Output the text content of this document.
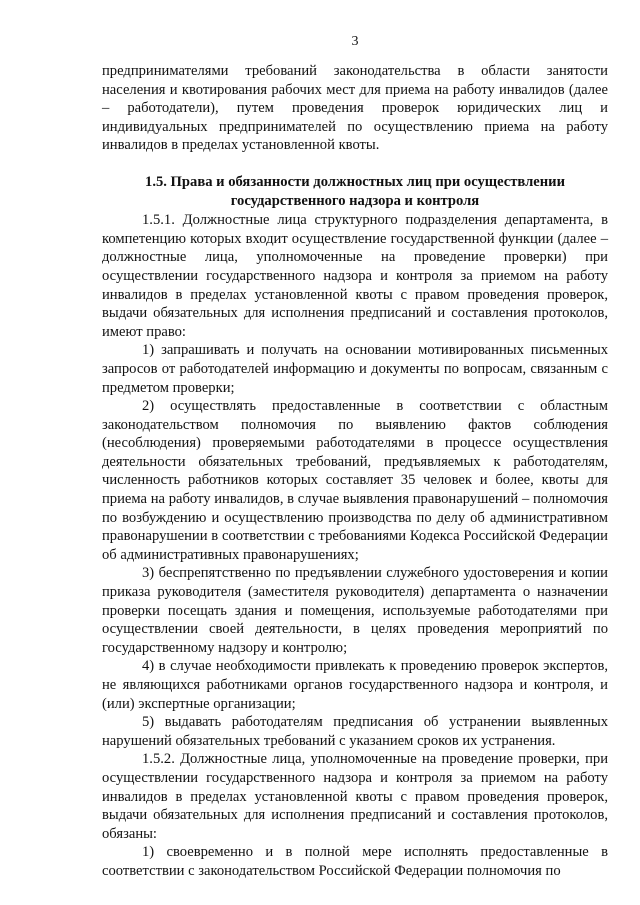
3

предпринимателями требований законодательства в области занятости населения и квотирования рабочих мест для приема на работу инвалидов (далее – работодатели), путем проведения проверок юридических лиц и индивидуальных предпринимателей по осуществлению приема на работу инвалидов в пределах установленной квоты.

1.5. Права и обязанности должностных лиц при осуществлении государственного надзора и контроля

1.5.1. Должностные лица структурного подразделения департамента, в компетенцию которых входит осуществление государственной функции (далее – должностные лица, уполномоченные на проведение проверки) при осуществлении государственного надзора и контроля за приемом на работу инвалидов в пределах установленной квоты с правом проведения проверок, выдачи обязательных для исполнения предписаний и составления протоколов, имеют право:

1) запрашивать и получать на основании мотивированных письменных запросов от работодателей информацию и документы по вопросам, связанным с предметом проверки;

2) осуществлять предоставленные в соответствии с областным законодательством полномочия по выявлению фактов соблюдения (несоблюдения) проверяемыми работодателями в процессе осуществления деятельности обязательных требований, предъявляемых к работодателям, численность работников которых составляет 35 человек и более, квоты для приема на работу инвалидов, в случае выявления правонарушений – полномочия по возбуждению и осуществлению производства по делу об административном правонарушении в соответствии с требованиями Кодекса Российской Федерации об административных правонарушениях;

3) беспрепятственно по предъявлении служебного удостоверения и копии приказа руководителя (заместителя руководителя) департамента о назначении проверки посещать здания и помещения, используемые работодателями при осуществлении своей деятельности, в целях проведения мероприятий по государственному надзору и контролю;

4) в случае необходимости привлекать к проведению проверок экспертов, не являющихся работниками органов государственного надзора и контроля, и (или) экспертные организации;

5) выдавать работодателям предписания об устранении выявленных нарушений обязательных требований с указанием сроков их устранения.

1.5.2. Должностные лица, уполномоченные на проведение проверки, при осуществлении государственного надзора и контроля за приемом на работу инвалидов в пределах установленной квоты с правом проведения проверок, выдачи обязательных для исполнения предписаний и составления протоколов, обязаны:

1) своевременно и в полной мере исполнять предоставленные в соответствии с законодательством Российской Федерации полномочия по
